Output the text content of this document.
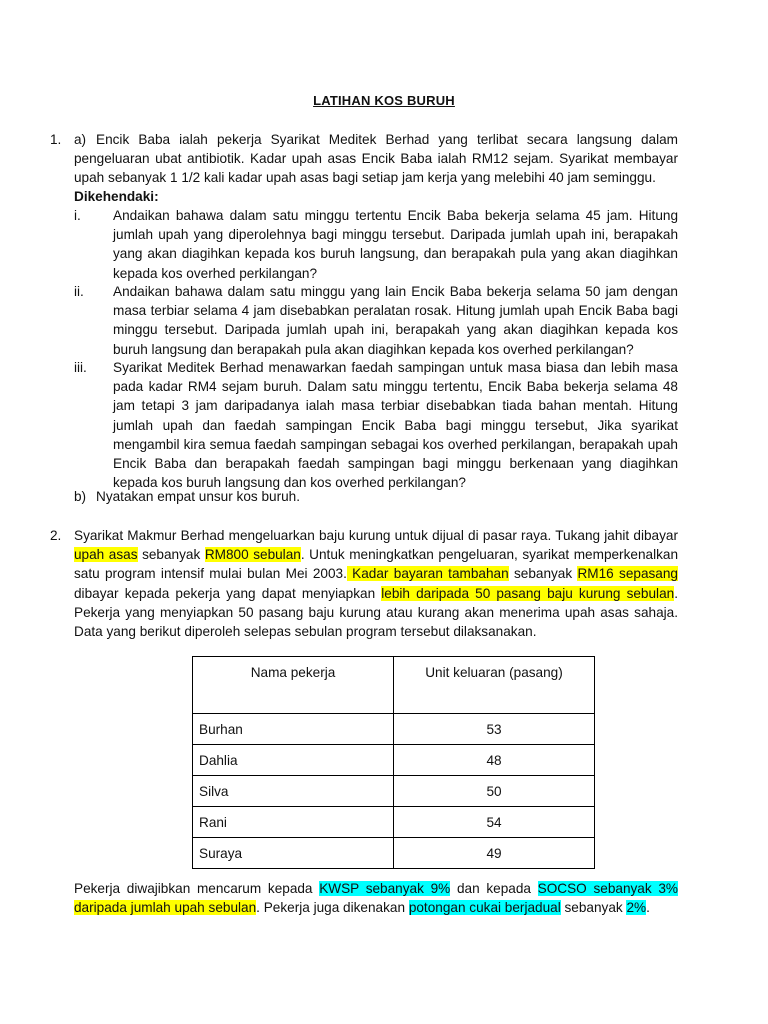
LATIHAN KOS BURUH
1. a) Encik Baba ialah pekerja Syarikat Meditek Berhad yang terlibat secara langsung dalam pengeluaran ubat antibiotik. Kadar upah asas Encik Baba ialah RM12 sejam. Syarikat membayar upah sebanyak 1 1/2 kali kadar upah asas bagi setiap jam kerja yang melebihi 40 jam seminggu.
Dikehendaki:
i. Andaikan bahawa dalam satu minggu tertentu Encik Baba bekerja selama 45 jam. Hitung jumlah upah yang diperolehnya bagi minggu tersebut. Daripada jumlah upah ini, berapakah yang akan diagihkan kepada kos buruh langsung, dan berapakah pula yang akan diagihkan kepada kos overhed perkilangan?
ii. Andaikan bahawa dalam satu minggu yang lain Encik Baba bekerja selama 50 jam dengan masa terbiar selama 4 jam disebabkan peralatan rosak. Hitung jumlah upah Encik Baba bagi minggu tersebut. Daripada jumlah upah ini, berapakah yang akan diagihkan kepada kos buruh langsung dan berapakah pula akan diagihkan kepada kos overhed perkilangan?
iii. Syarikat Meditek Berhad menawarkan faedah sampingan untuk masa biasa dan lebih masa pada kadar RM4 sejam buruh. Dalam satu minggu tertentu, Encik Baba bekerja selama 48 jam tetapi 3 jam daripadanya ialah masa terbiar disebabkan tiada bahan mentah. Hitung jumlah upah dan faedah sampingan Encik Baba bagi minggu tersebut, Jika syarikat mengambil kira semua faedah sampingan sebagai kos overhed perkilangan, berapakah upah Encik Baba dan berapakah faedah sampingan bagi minggu berkenaan yang diagihkan kepada kos buruh langsung dan kos overhed perkilangan?
b) Nyatakan empat unsur kos buruh.
2. Syarikat Makmur Berhad mengeluarkan baju kurung untuk dijual di pasar raya. Tukang jahit dibayar upah asas sebanyak RM800 sebulan. Untuk meningkatkan pengeluaran, syarikat memperkenalkan satu program intensif mulai bulan Mei 2003. Kadar bayaran tambahan sebanyak RM16 sepasang dibayar kepada pekerja yang dapat menyiapkan lebih daripada 50 pasang baju kurung sebulan. Pekerja yang menyiapkan 50 pasang baju kurung atau kurang akan menerima upah asas sahaja. Data yang berikut diperoleh selepas sebulan program tersebut dilaksanakan.
Nama pekerja	Unit keluaran (pasang)
Burhan	53
Dahlia	48
Silva	50
Rani	54
Suraya	49
Pekerja diwajibkan mencarum kepada KWSP sebanyak 9% dan kepada SOCSO sebanyak 3% daripada jumlah upah sebulan. Pekerja juga dikenakan potongan cukai berjadual sebanyak 2%.
